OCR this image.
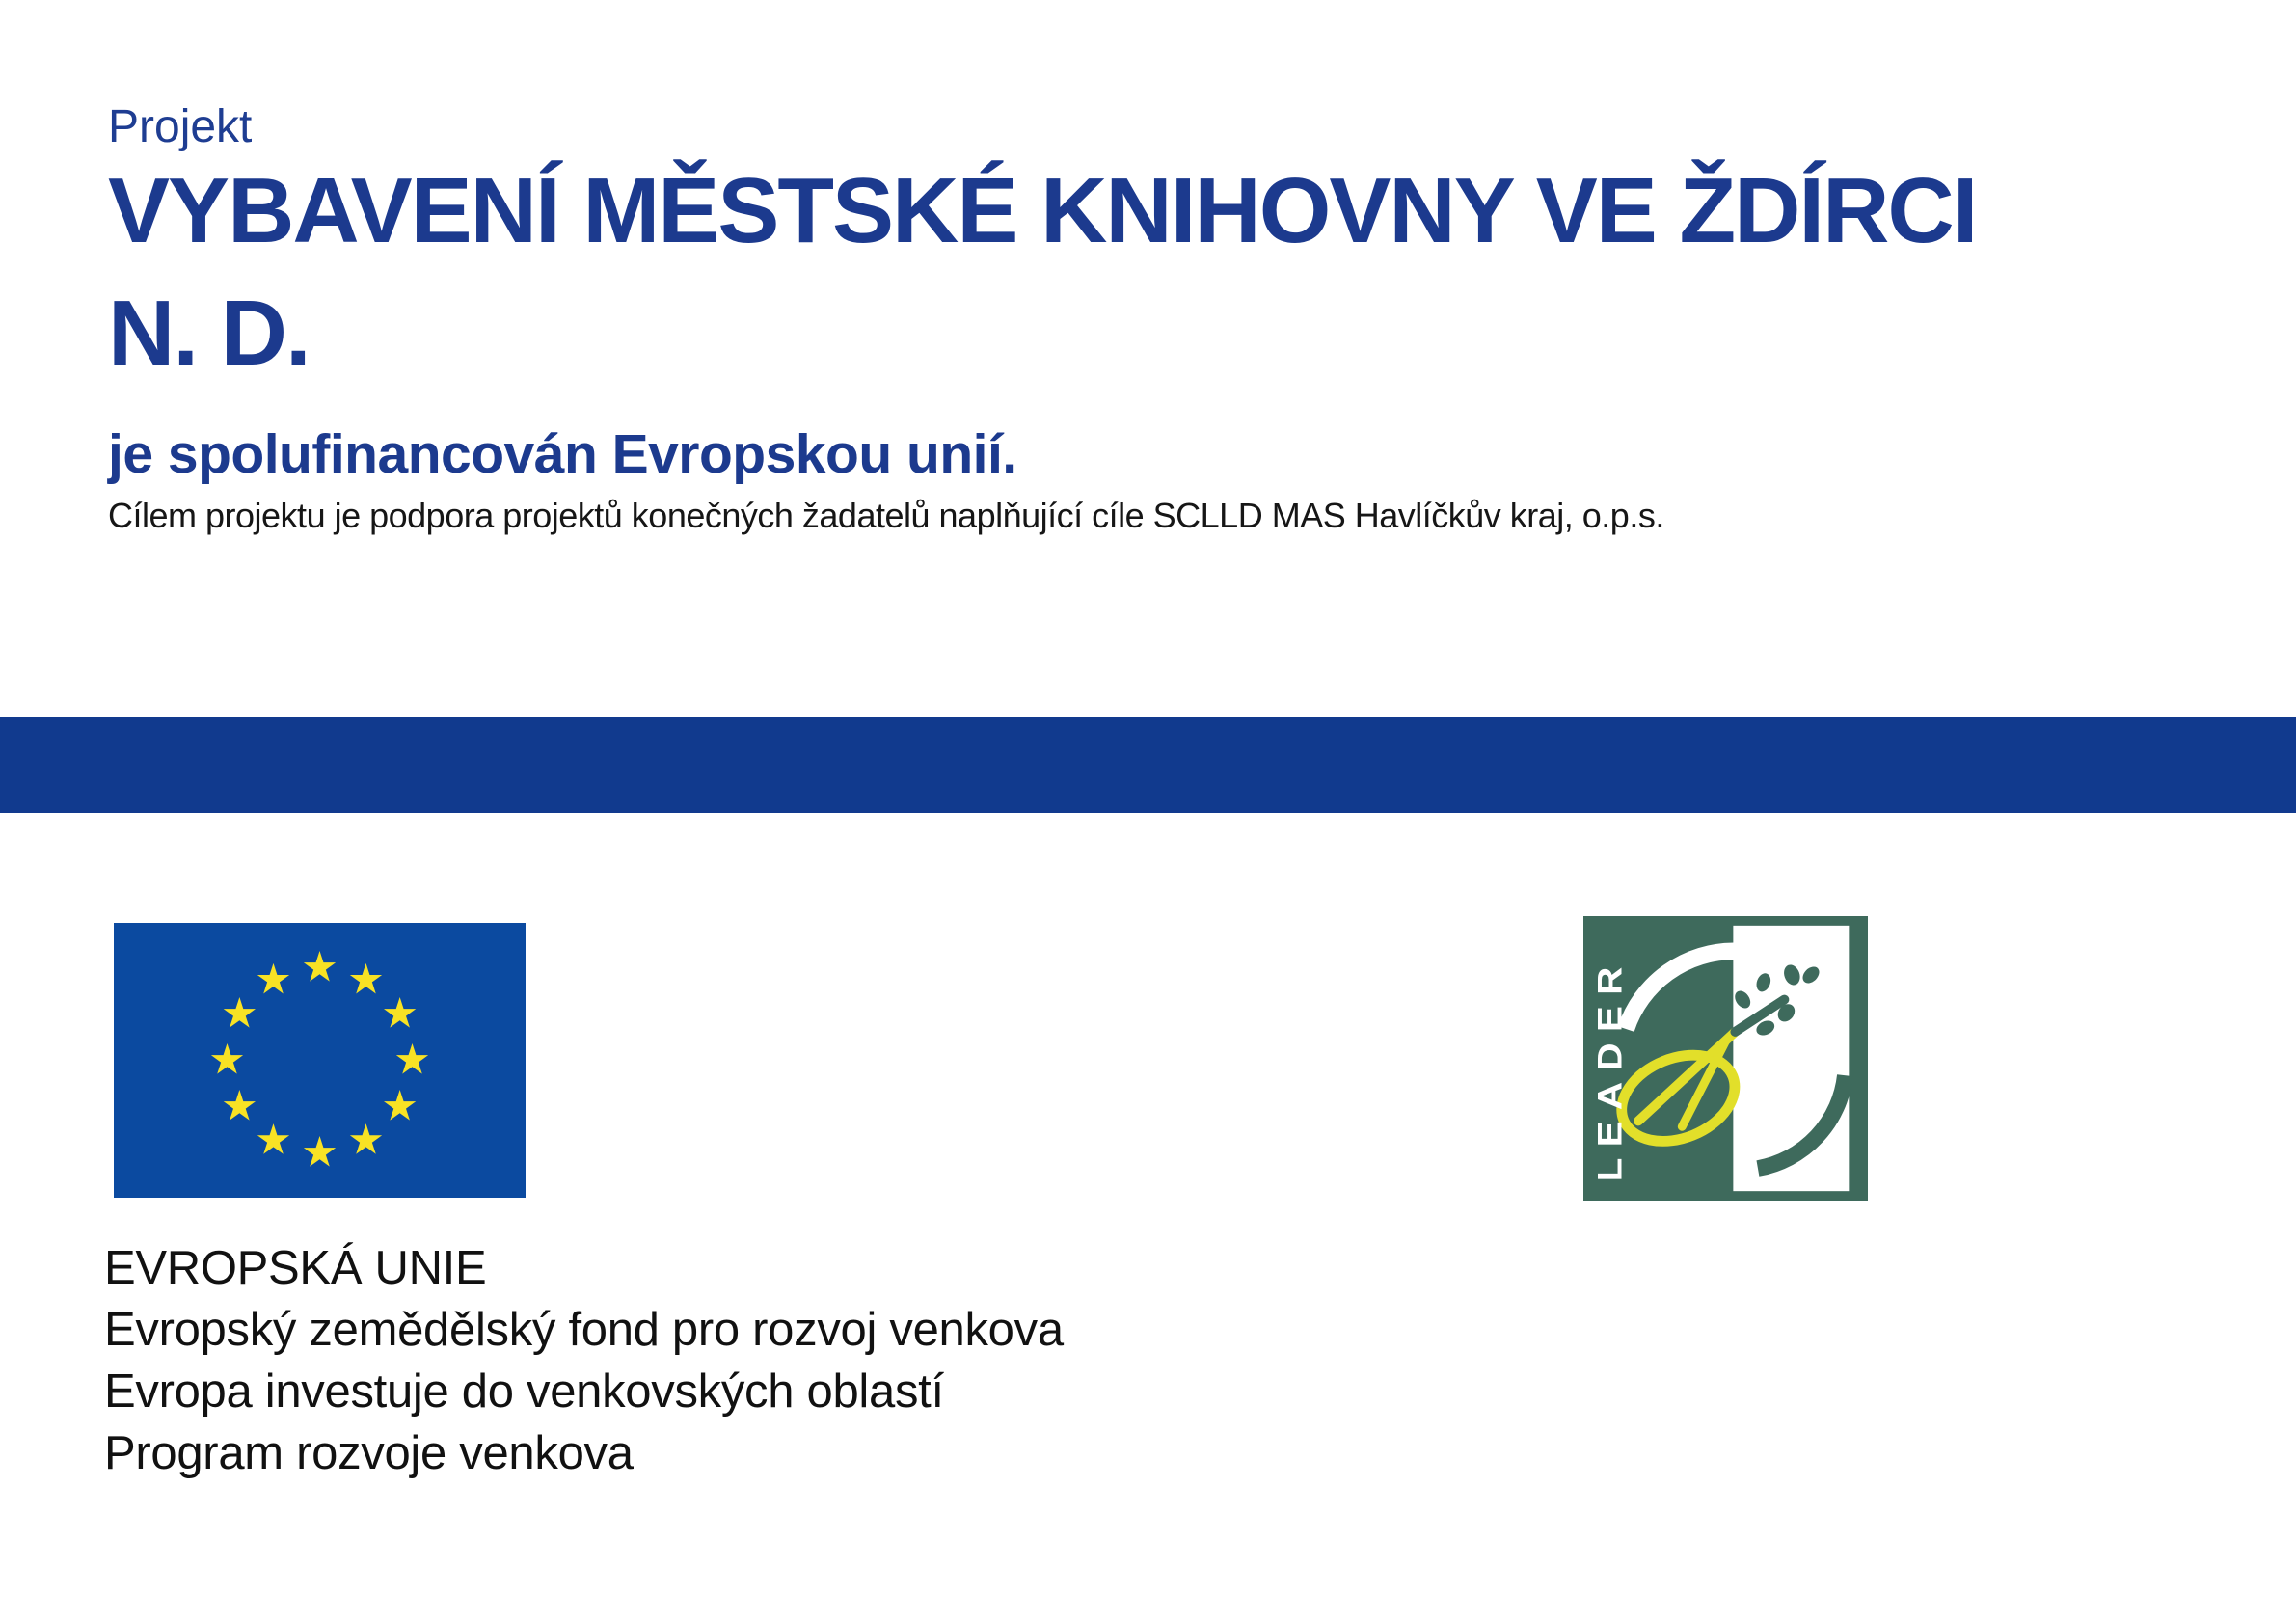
Projekt
VYBAVENÍ MĚSTSKÉ KNIHOVNY VE ŽDÍRCI
N. D.
je spolufinancován Evropskou unií.
Cílem projektu je podpora projektů konečných žadatelů naplňující cíle SCLLD MAS Havlíčkův kraj, o.p.s.
LEADER
EVROPSKÁ UNIE
Evropský zemědělský fond pro rozvoj venkova
Evropa investuje do venkovských oblastí
Program rozvoje venkova
